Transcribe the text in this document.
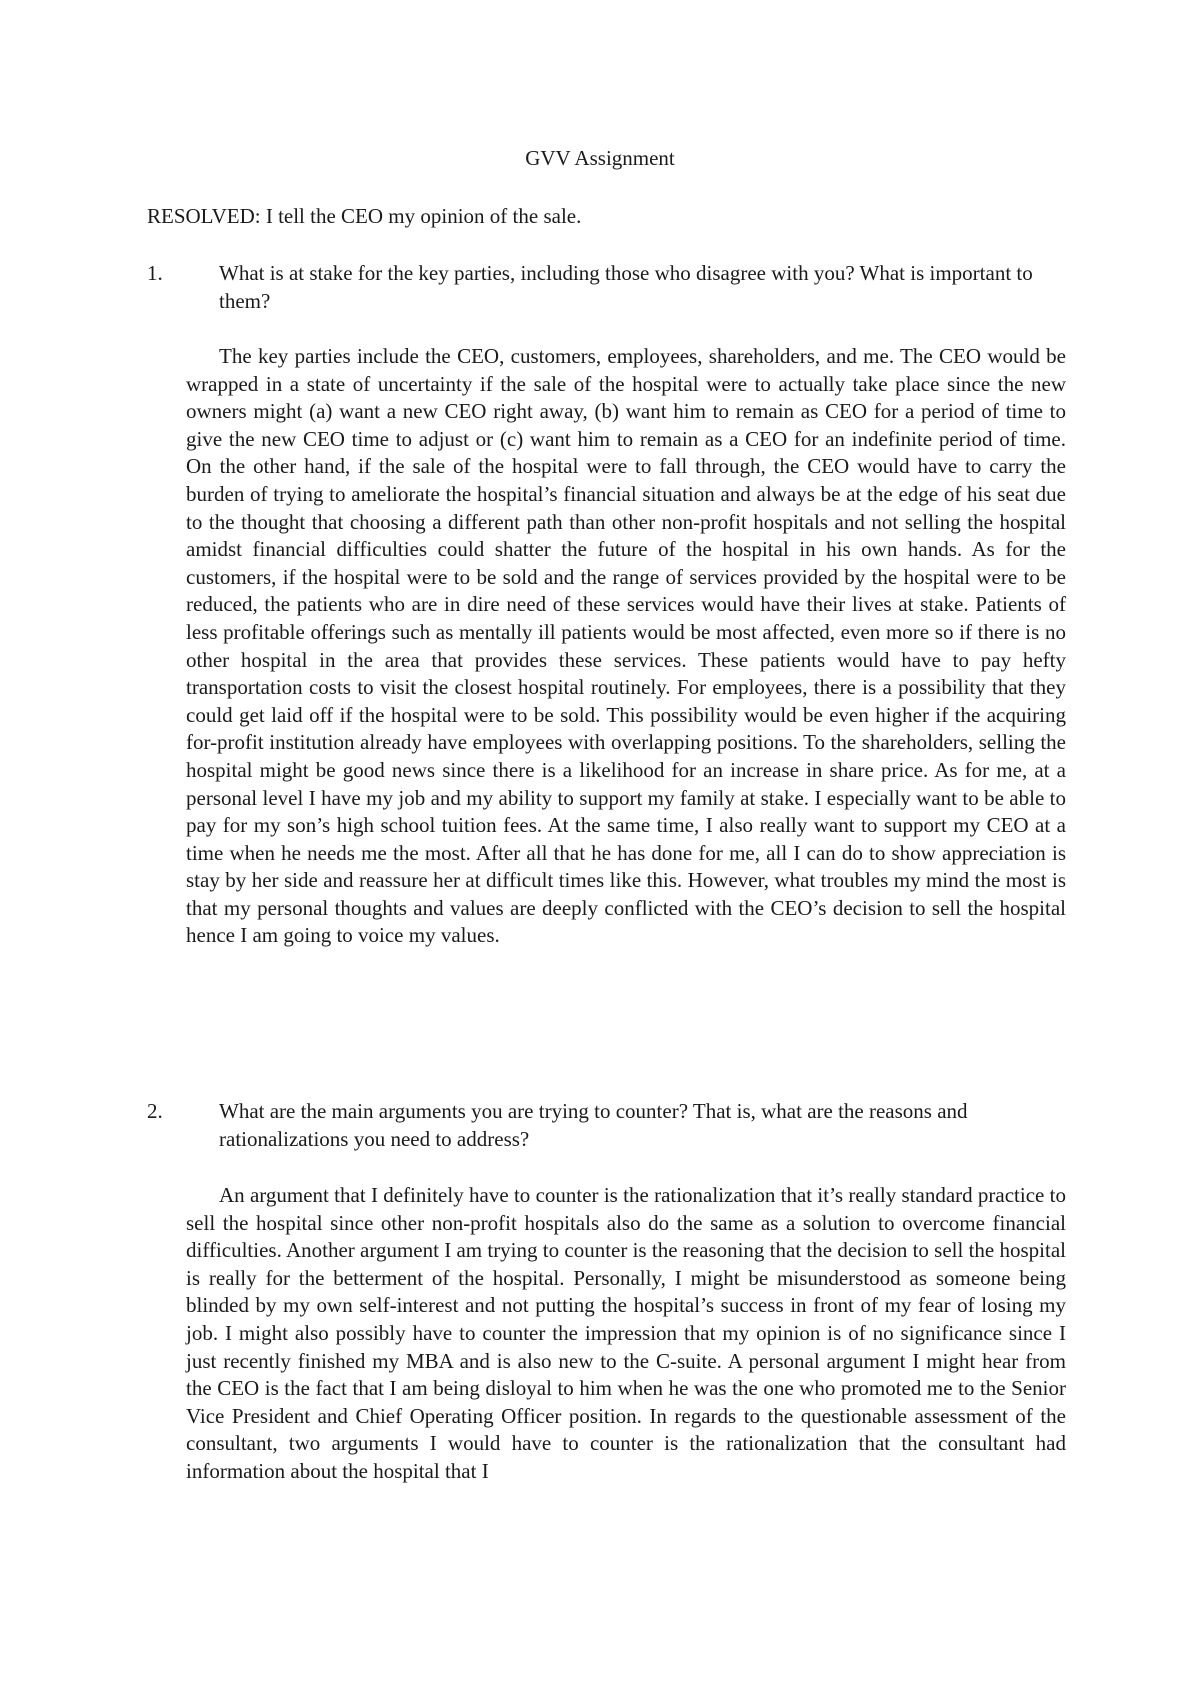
GVV Assignment

RESOLVED: I tell the CEO my opinion of the sale.

1.	What is at stake for the key parties, including those who disagree with you? What is important to them?

The key parties include the CEO, customers, employees, shareholders, and me. The CEO would be wrapped in a state of uncertainty if the sale of the hospital were to actually take place since the new owners might (a) want a new CEO right away, (b) want him to remain as CEO for a period of time to give the new CEO time to adjust or (c) want him to remain as a CEO for an indefinite period of time. On the other hand, if the sale of the hospital were to fall through, the CEO would have to carry the burden of trying to ameliorate the hospital’s financial situation and always be at the edge of his seat due to the thought that choosing a different path than other non-profit hospitals and not selling the hospital amidst financial difficulties could shatter the future of the hospital in his own hands. As for the customers, if the hospital were to be sold and the range of services provided by the hospital were to be reduced, the patients who are in dire need of these services would have their lives at stake. Patients of less profitable offerings such as mentally ill patients would be most affected, even more so if there is no other hospital in the area that provides these services. These patients would have to pay hefty transportation costs to visit the closest hospital routinely. For employees, there is a possibility that they could get laid off if the hospital were to be sold. This possibility would be even higher if the acquiring for-profit institution already have employees with overlapping positions. To the shareholders, selling the hospital might be good news since there is a likelihood for an increase in share price. As for me, at a personal level I have my job and my ability to support my family at stake. I especially want to be able to pay for my son’s high school tuition fees. At the same time, I also really want to support my CEO at a time when he needs me the most. After all that he has done for me, all I can do to show appreciation is stay by her side and reassure her at difficult times like this. However, what troubles my mind the most is that my personal thoughts and values are deeply conflicted with the CEO’s decision to sell the hospital hence I am going to voice my values.

2.	What are the main arguments you are trying to counter? That is, what are the reasons and rationalizations you need to address?

An argument that I definitely have to counter is the rationalization that it’s really standard practice to sell the hospital since other non-profit hospitals also do the same as a solution to overcome financial difficulties. Another argument I am trying to counter is the reasoning that the decision to sell the hospital is really for the betterment of the hospital. Personally, I might be misunderstood as someone being blinded by my own self-interest and not putting the hospital’s success in front of my fear of losing my job. I might also possibly have to counter the impression that my opinion is of no significance since I just recently finished my MBA and is also new to the C-suite. A personal argument I might hear from the CEO is the fact that I am being disloyal to him when he was the one who promoted me to the Senior Vice President and Chief Operating Officer position. In regards to the questionable assessment of the consultant, two arguments I would have to counter is the rationalization that the consultant had information about the hospital that I
